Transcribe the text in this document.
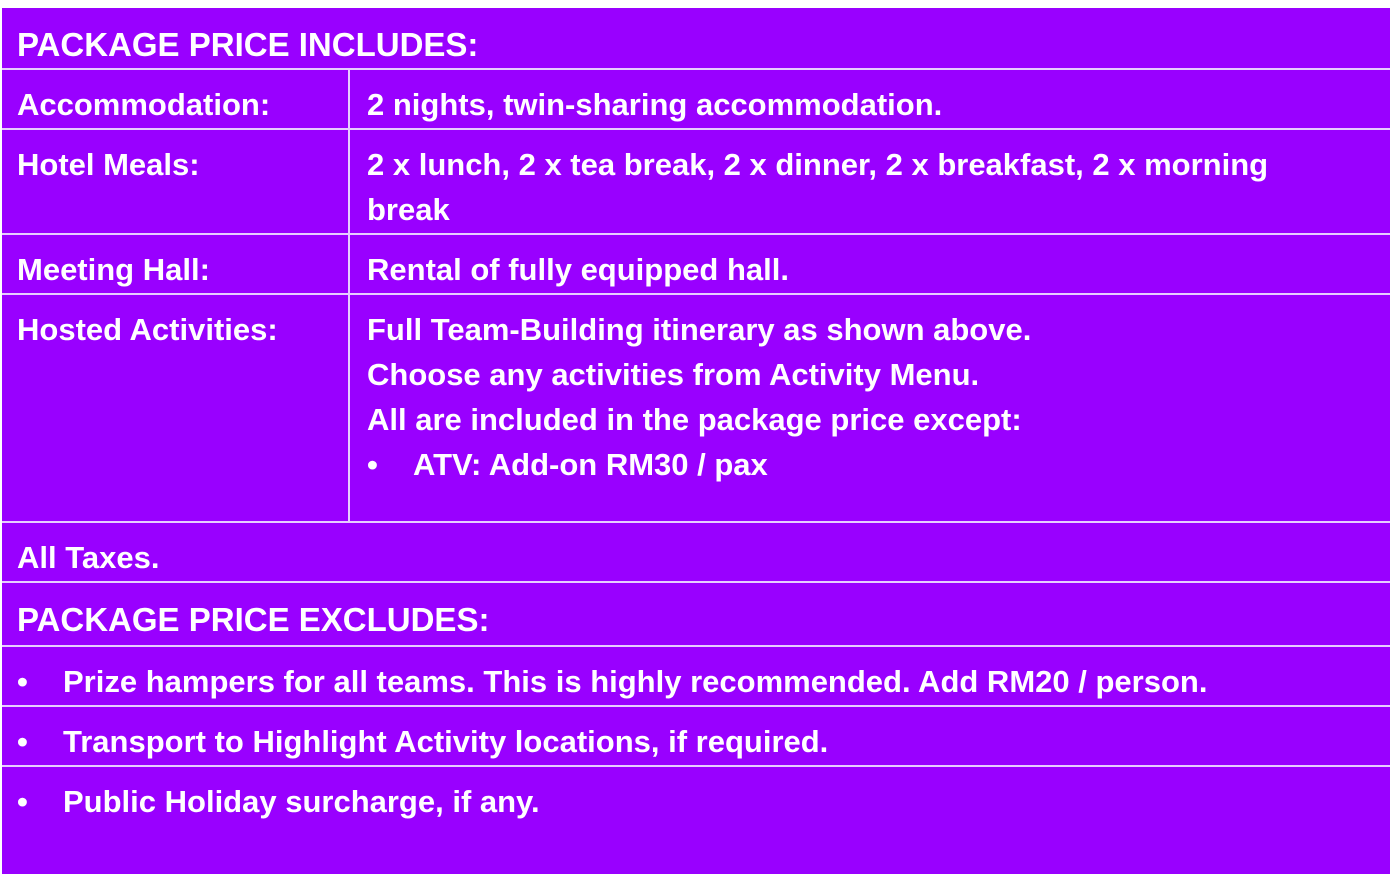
PACKAGE PRICE INCLUDES:
Accommodation:	2 nights, twin-sharing accommodation.
Hotel Meals:	2 x lunch, 2 x tea break, 2 x dinner, 2 x breakfast, 2 x morning break
Meeting Hall:	Rental of fully equipped hall.
Hosted Activities:	Full Team-Building itinerary as shown above.
Choose any activities from Activity Menu.
All are included in the package price except:
•	ATV: Add-on RM30 / pax
All Taxes.
PACKAGE PRICE EXCLUDES:
•	Prize hampers for all teams. This is highly recommended. Add RM20 / person.
•	Transport to Highlight Activity locations, if required.
•	Public Holiday surcharge, if any.
